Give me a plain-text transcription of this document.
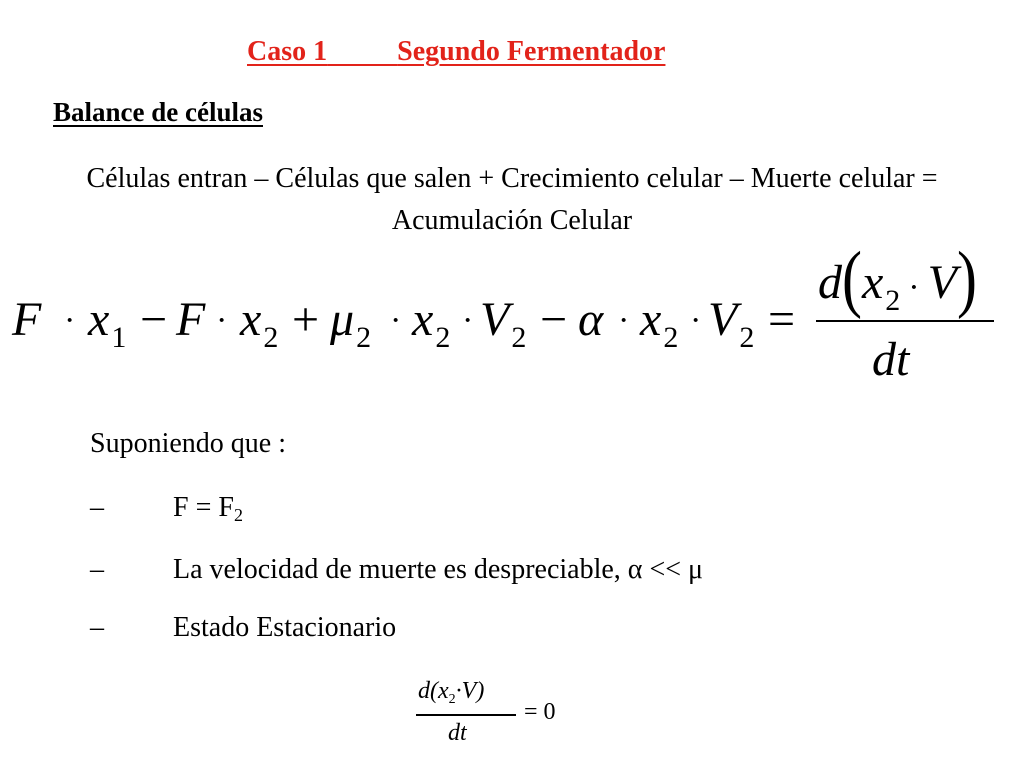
Caso 1	Segundo Fermentador
Balance de células
Células entran – Células que salen + Crecimiento celular – Muerte celular = Acumulación Celular
$F \cdot x_1 - F \cdot x_2 + \mu_2 \cdot x_2 \cdot V_2 - \alpha \cdot x_2 \cdot V_2$ =
$d(x_2 \cdot V)$
dt
Suponiendo que :
– $F = F_2$
– La velocidad de muerte es despreciable, α << μ
– Estado Estacionario
$d(x_2\cdot V)$
dt
= 0
